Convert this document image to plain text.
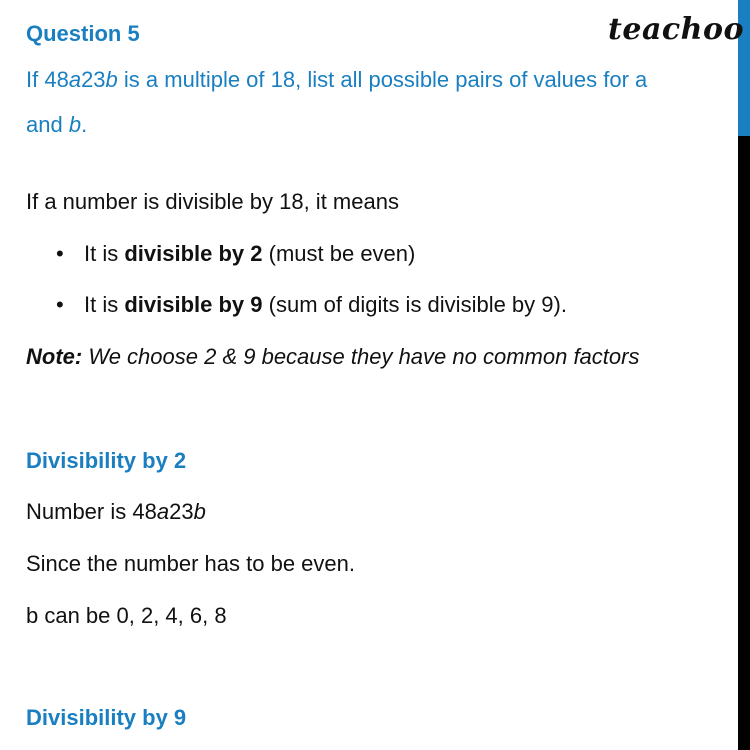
teachoo
Question 5
If 48a23b is a multiple of 18, list all possible pairs of values for a
and b.
If a number is divisible by 18, it means
• It is divisible by 2 (must be even)
• It is divisible by 9 (sum of digits is divisible by 9).
Note: We choose 2 & 9 because they have no common factors
Divisibility by 2
Number is 48a23b
Since the number has to be even.
b can be 0, 2, 4, 6, 8
Divisibility by 9
